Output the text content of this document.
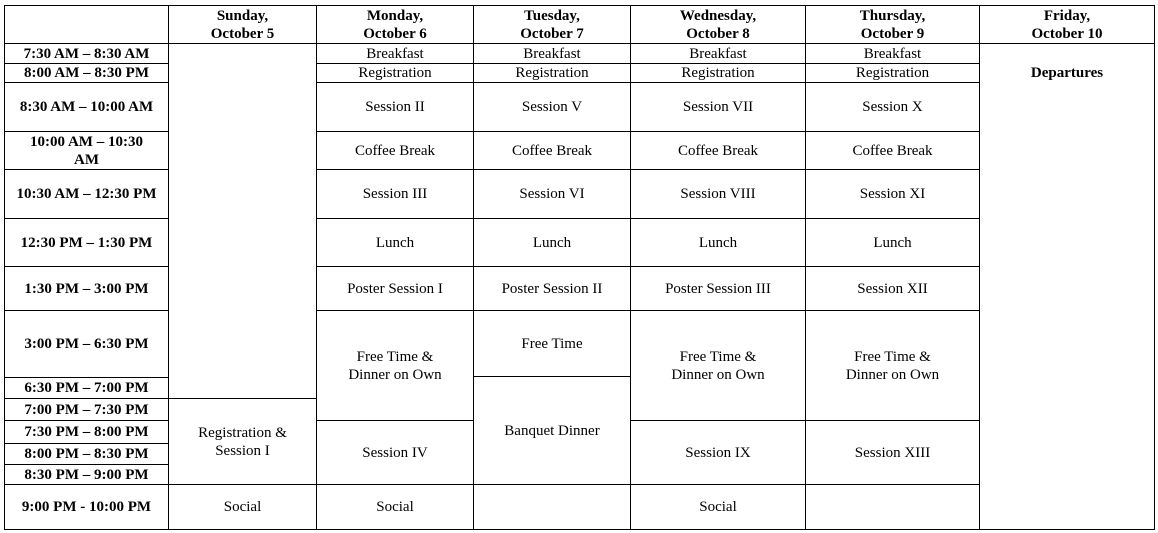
Sunday,
October 5
Monday,
October 6
Tuesday,
October 7
Wednesday,
October 8
Thursday,
October 9
Friday,
October 10
7:30 AM – 8:30 AM
8:00 AM – 8:30 PM
8:30 AM – 10:00 AM
10:00 AM – 10:30
AM
10:30 AM – 12:30 PM
12:30 PM – 1:30 PM
1:30 PM – 3:00 PM
3:00 PM – 6:30 PM
6:30 PM – 7:00 PM
7:00 PM – 7:30 PM
7:30 PM – 8:00 PM
8:00 PM – 8:30 PM
8:30 PM – 9:00 PM
9:00 PM - 10:00 PM
Registration &
Session I
Social
Breakfast
Registration
Session II
Coffee Break
Session III
Lunch
Poster Session I
Free Time &
Dinner on Own
Session IV
Social
Breakfast
Registration
Session V
Coffee Break
Session VI
Lunch
Poster Session II
Free Time
Banquet Dinner
Breakfast
Registration
Session VII
Coffee Break
Session VIII
Lunch
Poster Session III
Free Time &
Dinner on Own
Session IX
Social
Breakfast
Registration
Session X
Coffee Break
Session XI
Lunch
Session XII
Free Time &
Dinner on Own
Session XIII
Departures
